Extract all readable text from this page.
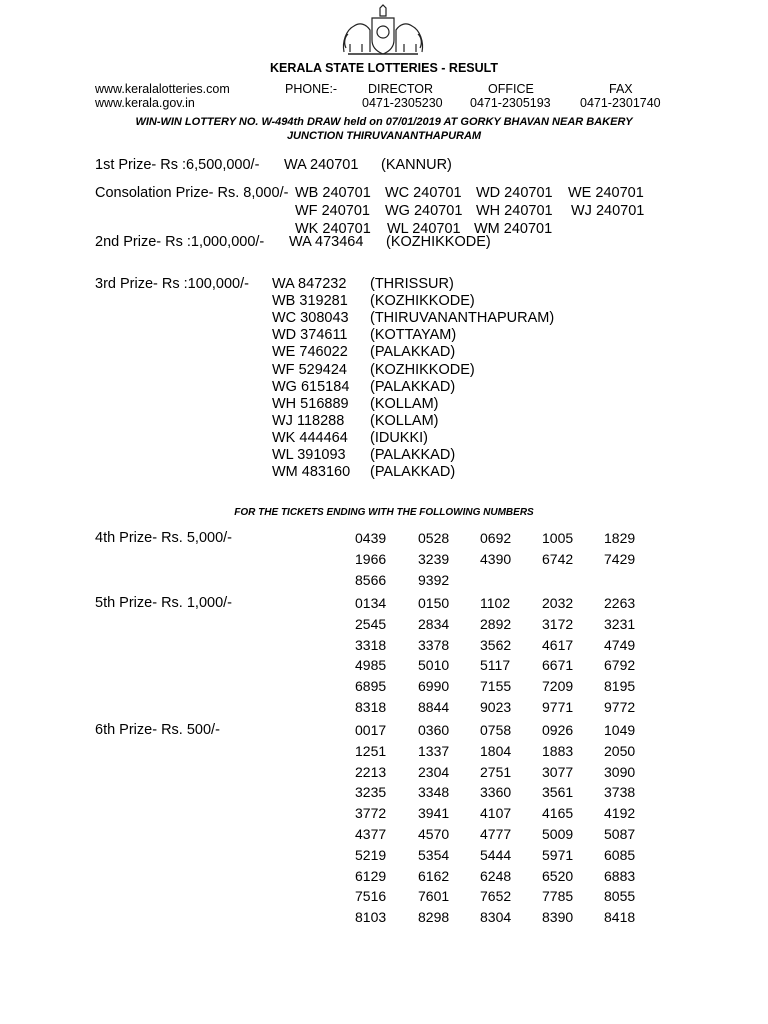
KERALA STATE LOTTERIES - RESULT
www.keralalotteries.com
www.kerala.gov.in
PHONE:- DIRECTOR
0471-2305230
OFFICE
0471-2305193
FAX
0471-2301740
WIN-WIN LOTTERY NO. W-494th DRAW held on 07/01/2019 AT GORKY BHAVAN NEAR BAKERY
JUNCTION THIRUVANANTHAPURAM
1st Prize- Rs :6,500,000/- WA 240701 (KANNUR)
Consolation Prize- Rs. 8,000/- WB 240701 WC 240701 WD 240701 WE 240701
WF 240701 WG 240701 WH 240701 WJ 240701
WK 240701 WL 240701 WM 240701
2nd Prize- Rs :1,000,000/- WA 473464 (KOZHIKKODE)
3rd Prize- Rs :100,000/- WA 847232 (THRISSUR)
WB 319281 (KOZHIKKODE)
WC 308043 (THIRUVANANTHAPURAM)
WD 374611 (KOTTAYAM)
WE 746022 (PALAKKAD)
WF 529424 (KOZHIKKODE)
WG 615184 (PALAKKAD)
WH 516889 (KOLLAM)
WJ 118288 (KOLLAM)
WK 444464 (IDUKKI)
WL 391093 (PALAKKAD)
WM 483160 (PALAKKAD)
FOR THE TICKETS ENDING WITH THE FOLLOWING NUMBERS
4th Prize- Rs. 5,000/-
5th Prize- Rs. 1,000/-
6th Prize- Rs. 500/-
0439 0528 0692 1005 1829
1966 3239 4390 6742 7429
8566 9392
0134 0150 1102 2032 2263
2545 2834 2892 3172 3231
3318 3378 3562 4617 4749
4985 5010 5117 6671 6792
6895 6990 7155 7209 8195
8318 8844 9023 9771 9772
0017 0360 0758 0926 1049
1251 1337 1804 1883 2050
2213 2304 2751 3077 3090
3235 3348 3360 3561 3738
3772 3941 4107 4165 4192
4377 4570 4777 5009 5087
5219 5354 5444 5971 6085
6129 6162 6248 6520 6883
7516 7601 7652 7785 8055
8103 8298 8304 8390 8418
